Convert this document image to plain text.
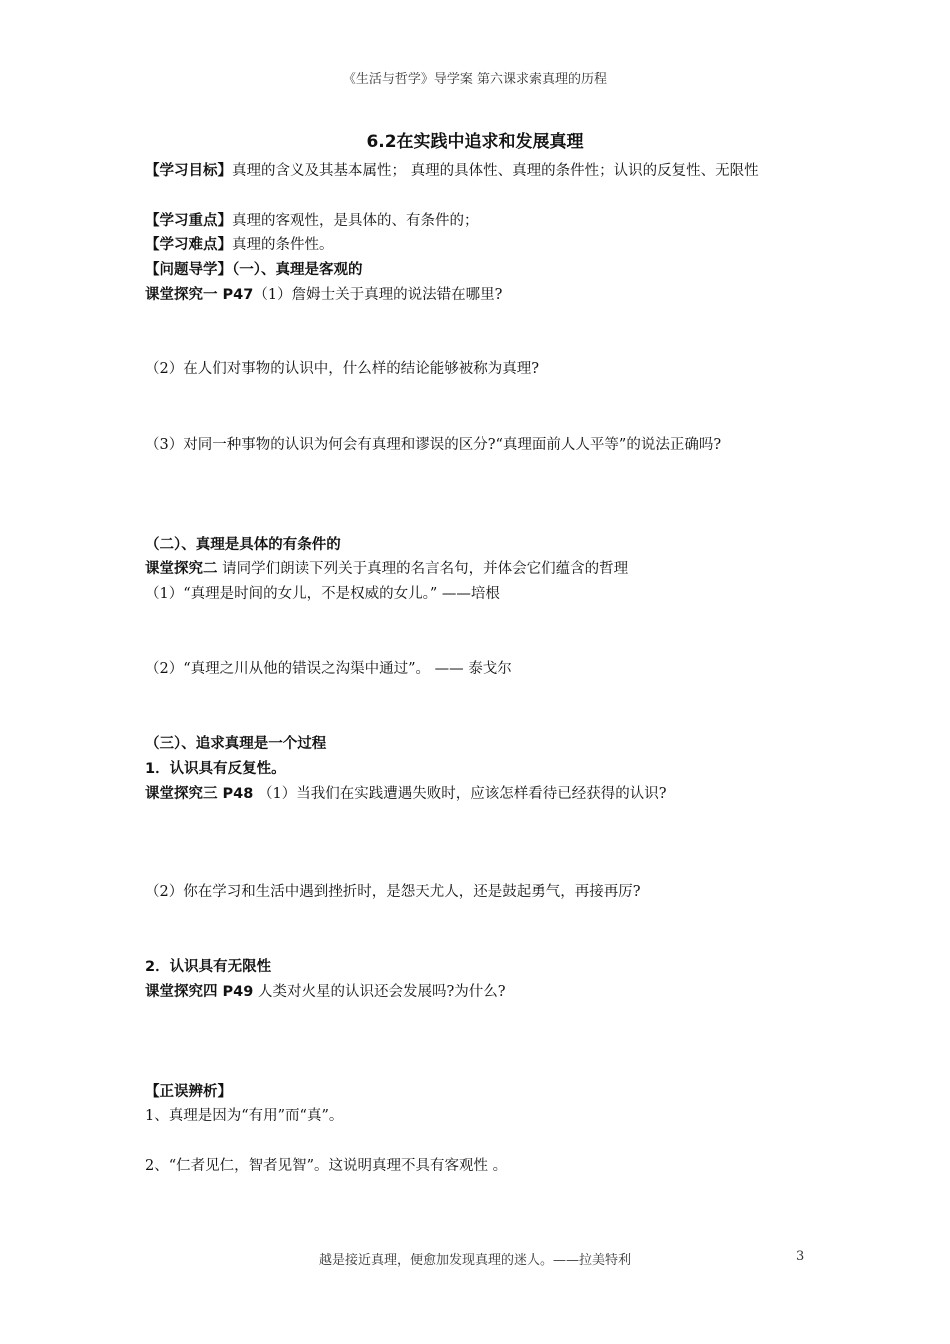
《生活与哲学》导学案 第六课求索真理的历程
6.2在实践中追求和发展真理
【学习目标】真理的含义及其基本属性； 真理的具体性、真理的条件性；认识的反复性、无限性
【学习重点】真理的客观性，是具体的、有条件的；
【学习难点】真理的条件性。
【问题导学】（一）、真理是客观的
课堂探究一 P47（1）詹姆士关于真理的说法错在哪里?
（2）在人们对事物的认识中，什么样的结论能够被称为真理?
（3）对同一种事物的认识为何会有真理和谬误的区分?“真理面前人人平等”的说法正确吗?
（二）、真理是具体的有条件的
课堂探究二 请同学们朗读下列关于真理的名言名句，并体会它们蕴含的哲理
（1）“真理是时间的女儿，不是权威的女儿。” ——培根
（2）“真理之川从他的错误之沟渠中通过”。 —— 泰戈尔
（三）、追求真理是一个过程
1．认识具有反复性。
课堂探究三 P48 （1）当我们在实践遭遇失败时，应该怎样看待已经获得的认识?
（2）你在学习和生活中遇到挫折时，是怨天尤人，还是鼓起勇气，再接再厉?
2．认识具有无限性
课堂探究四 P49 人类对火星的认识还会发展吗?为什么?
【正误辨析】
1、真理是因为“有用”而“真”。
2、“仁者见仁，智者见智”。这说明真理不具有客观性 。
越是接近真理，便愈加发现真理的迷人。——拉美特利	3
